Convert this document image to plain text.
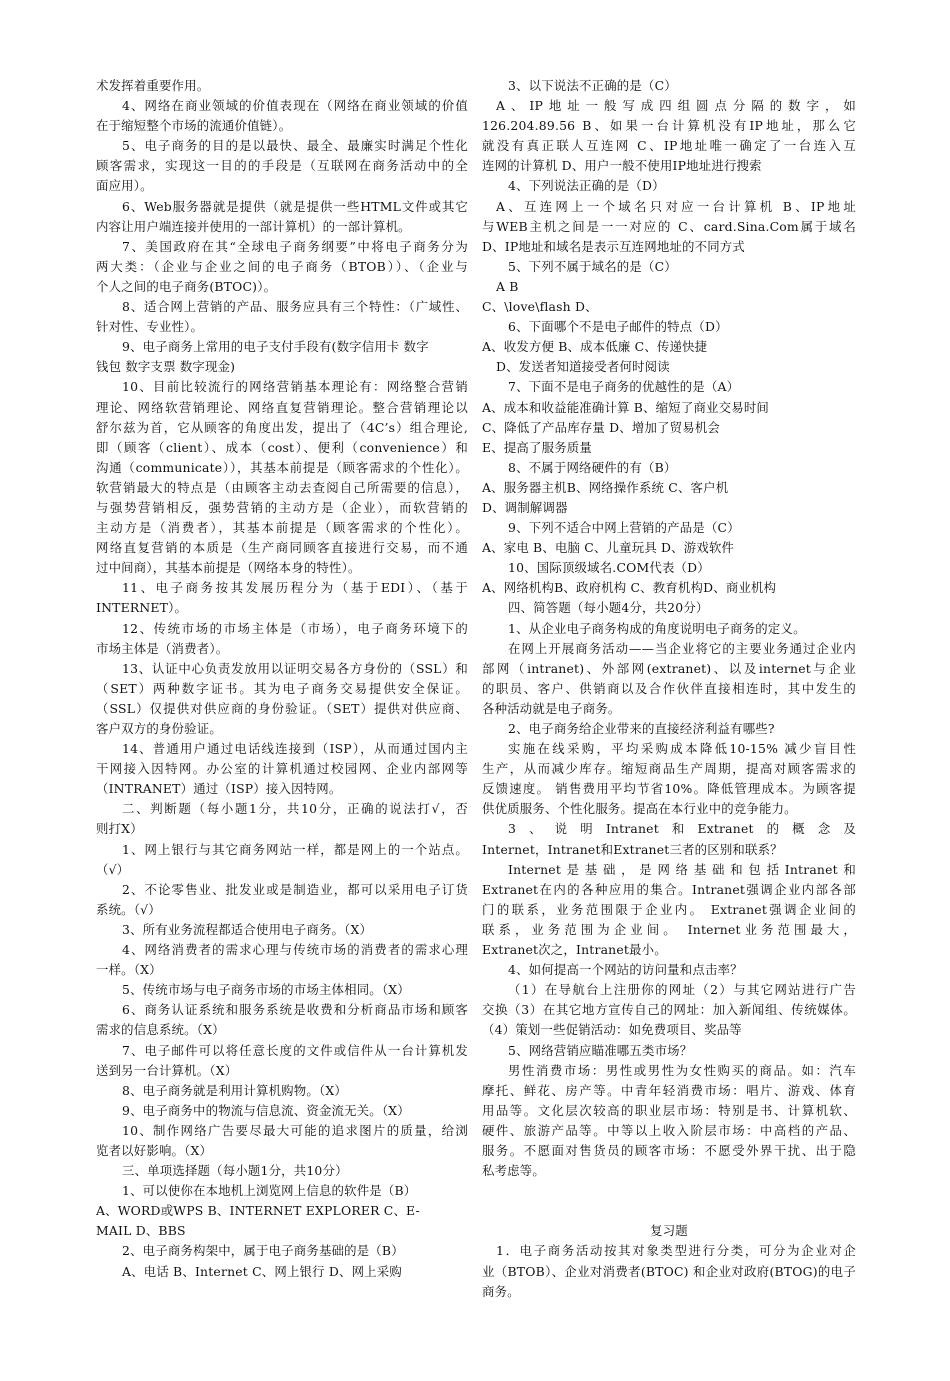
术发挥着重要作用。
4、网络在商业领域的价值表现在（网络在商业领域的价值
在于缩短整个市场的流通价值链）。
5、电子商务的目的是以最快、最全、最廉实时满足个性化
顾客需求，实现这一目的的手段是（互联网在商务活动中的全
面应用）。
6、Web服务器就是提供（就是提供一些HTML文件或其它
内容让用户端连接并使用的一部计算机）的一部计算机。
7、美国政府在其“全球电子商务纲要”中将电子商务分为
两大类：（企业与企业之间的电子商务（BTOB））、（企业与
个人之间的电子商务(BTOC)）。
8、适合网上营销的产品、服务应具有三个特性：（广域性、
针对性、专业性）。
9、电子商务上常用的电子支付手段有(数字信用卡 数字
钱包 数字支票 数字现金)
10、目前比较流行的网络营销基本理论有：网络整合营销
理论、网络软营销理论、网络直复营销理论。整合营销理论以
舒尔兹为首，它从顾客的角度出发，提出了（4C’s）组合理论,
即（顾客（client）、成本（cost）、便利（convenience）和
沟通（communicate）），其基本前提是（顾客需求的个性化）。
软营销最大的特点是（由顾客主动去查阅自己所需要的信息），
与强势营销相反，强势营销的主动方是（企业），而软营销的
主动方是（消费者），其基本前提是（顾客需求的个性化）。
网络直复营销的本质是（生产商同顾客直接进行交易，而不通
过中间商），其基本前提是（网络本身的特性）。
11、电子商务按其发展历程分为（基于EDI）、（基于
INTERNET）。
12、传统市场的市场主体是（市场），电子商务环境下的
市场主体是（消费者）。
13、认证中心负责发放用以证明交易各方身份的（SSL）和
（SET）两种数字证书。其为电子商务交易提供安全保证。
（SSL）仅提供对供应商的身份验证。（SET）提供对供应商、
客户双方的身份验证。
14、普通用户通过电话线连接到（ISP），从而通过国内主
干网接入因特网。办公室的计算机通过校园网、企业内部网等
（INTRANET）通过（ISP）接入因特网。
二、判断题（每小题1分，共10分，正确的说法打√，否
则打X）
1、网上银行与其它商务网站一样，都是网上的一个站点。
（√）
2、不论零售业、批发业或是制造业，都可以采用电子订货
系统。（√）
3、所有业务流程都适合使用电子商务。（X）
4、网络消费者的需求心理与传统市场的消费者的需求心理
一样。（X）
5、传统市场与电子商务市场的市场主体相同。（X）
6、商务认证系统和服务系统是收费和分析商品市场和顾客
需求的信息系统。（X）
7、电子邮件可以将任意长度的文件或信件从一台计算机发
送到另一台计算机。（X）
8、电子商务就是利用计算机购物。（X）
9、电子商务中的物流与信息流、资金流无关。（X）
10、制作网络广告要尽最大可能的追求图片的质量，给浏
览者以好影响。（X）
三、单项选择题（每小题1分，共10分）
1、可以使你在本地机上浏览网上信息的软件是（B）
A、WORD或WPS B、INTERNET EXPLORER C、E-
MAIL D、BBS
2、电子商务构架中，属于电子商务基础的是（B）
A、电话 B、Internet C、网上银行 D、网上采购
3、以下说法不正确的是（C）
A、IP地址一般写成四组圆点分隔的数字，如
126.204.89.56 B、如果一台计算机没有IP地址，那么它
就没有真正联人互连网 C、IP地址唯一确定了一台连入互
连网的计算机 D、用户一般不使用IP地址进行搜索
4、下列说法正确的是（D）
A、互连网上一个域名只对应一台计算机 B、IP地址
与WEB主机之间是一一对应的 C、card.Sina.Com属于域名
D、IP地址和域名是表示互连网地址的不同方式
5、下列不属于域名的是（C）
A B
C、\love\flash D、
6、下面哪个不是电子邮件的特点（D）
A、收发方便 B、成本低廉 C、传递快捷
D、发送者知道接受者何时阅读
7、下面不是电子商务的优越性的是（A）
A、成本和收益能准确计算 B、缩短了商业交易时间
C、降低了产品库存量 D、增加了贸易机会
E、提高了服务质量
8、不属于网络硬件的有（B）
A、服务器主机B、网络操作系统 C、客户机
D、调制解调器
9、下列不适合中网上营销的产品是（C）
A、家电 B、电脑 C、儿童玩具 D、游戏软件
10、国际顶级域名.COM代表（D）
A、网络机构B、政府机构 C、教育机构D、商业机构
四、简答题（每小题4分，共20分）
1、从企业电子商务构成的角度说明电子商务的定义。
在网上开展商务活动——当企业将它的主要业务通过企业内
部网（intranet)、外部网(extranet)、以及internet与企业
的职员、客户、供销商以及合作伙伴直接相连时，其中发生的
各种活动就是电子商务。
2、电子商务给企业带来的直接经济利益有哪些?
实施在线采购，平均采购成本降低10-15% 减少盲目性
生产，从而减少库存。缩短商品生产周期，提高对顾客需求的
反馈速度。 销售费用平均节省10%。降低管理成本。为顾客提
供优质服务、个性化服务。提高在本行业中的竞争能力。
3、说明Intranet和Extranet的概念及
Internet，Intranet和Extranet三者的区别和联系？
Internet是基础，是网络基础和包括Intranet和
Extranet在内的各种应用的集合。Intranet强调企业内部各部
门的联系，业务范围限于企业内。 Extranet强调企业间的
联系，业务范围为企业间。 Internet业务范围最大，
Extranet次之，Intranet最小。
4、如何提高一个网站的访问量和点击率？
（1）在导航台上注册你的网址（2）与其它网站进行广告
交换（3）在其它地方宣传自己的网址：加入新闻组、传统媒体。
（4）策划一些促销活动：如免费项目、奖品等
5、网络营销应瞄准哪五类市场？
男性消费市场：男性或男性为女性购买的商品。如：汽车
摩托、鲜花、房产等。中青年轻消费市场：唱片、游戏、体育
用品等。文化层次较高的职业层市场：特别是书、计算机软、
硬件、旅游产品等。中等以上收入阶层市场：中高档的产品、
服务。不愿面对售货员的顾客市场：不愿受外界干扰、出于隐
私考虑等。
复习题
1．电子商务活动按其对象类型进行分类，可分为企业对企
业（BTOB）、企业对消费者(BTOC) 和企业对政府(BTOG)的电子
商务。
